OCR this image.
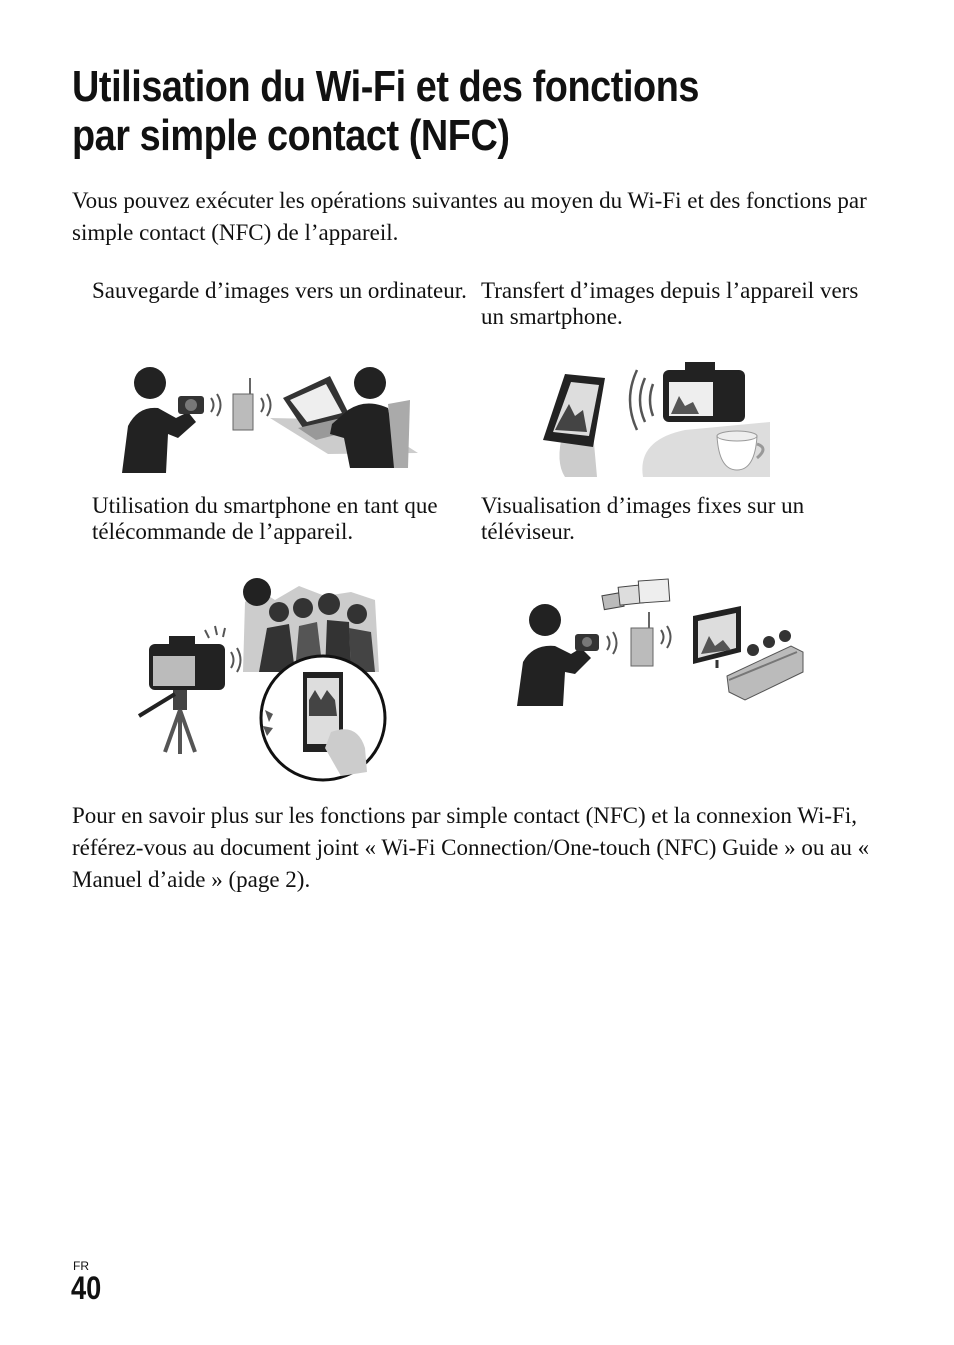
Utilisation du Wi-Fi et des fonctions
par simple contact (NFC)
Vous pouvez exécuter les opérations suivantes au moyen du Wi-Fi et des fonctions par simple contact (NFC) de l’appareil.
Sauvegarde d’images vers un ordinateur. Transfert d’images depuis l’appareil vers un smartphone.
Utilisation du smartphone en tant que télécommande de l’appareil.
Visualisation d’images fixes sur un téléviseur.
Pour en savoir plus sur les fonctions par simple contact (NFC) et la connexion Wi-Fi, référez-vous au document joint « Wi-Fi Connection/One-touch (NFC) Guide » ou au « Manuel d’aide » (page 2).
FR
40
